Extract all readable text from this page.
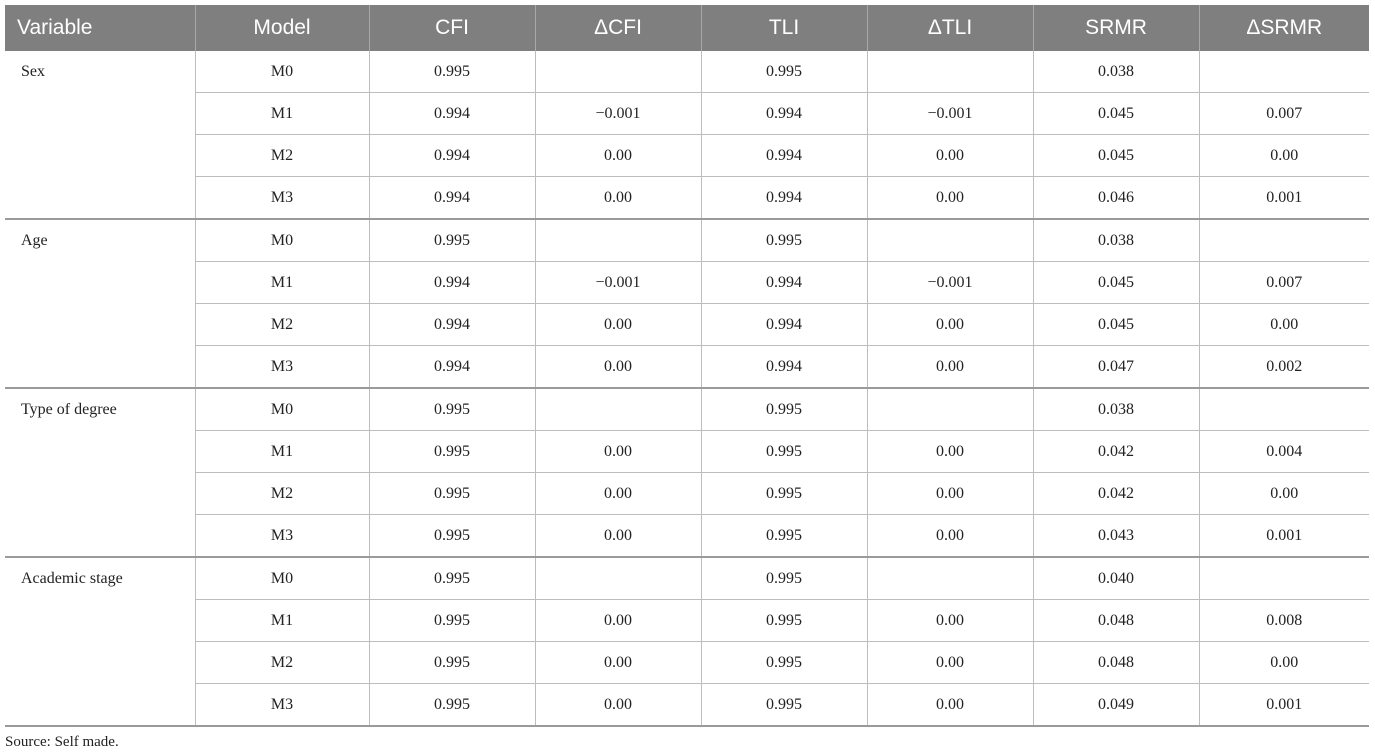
Variable	Model	CFI	ΔCFI	TLI	ΔTLI	SRMR	ΔSRMR
Sex	M0	0.995		0.995		0.038	
	M1	0.994	−0.001	0.994	−0.001	0.045	0.007
	M2	0.994	0.00	0.994	0.00	0.045	0.00
	M3	0.994	0.00	0.994	0.00	0.046	0.001
Age	M0	0.995		0.995		0.038	
	M1	0.994	−0.001	0.994	−0.001	0.045	0.007
	M2	0.994	0.00	0.994	0.00	0.045	0.00
	M3	0.994	0.00	0.994	0.00	0.047	0.002
Type of degree	M0	0.995		0.995		0.038	
	M1	0.995	0.00	0.995	0.00	0.042	0.004
	M2	0.995	0.00	0.995	0.00	0.042	0.00
	M3	0.995	0.00	0.995	0.00	0.043	0.001
Academic stage	M0	0.995		0.995		0.040	
	M1	0.995	0.00	0.995	0.00	0.048	0.008
	M2	0.995	0.00	0.995	0.00	0.048	0.00
	M3	0.995	0.00	0.995	0.00	0.049	0.001
Source: Self made.
